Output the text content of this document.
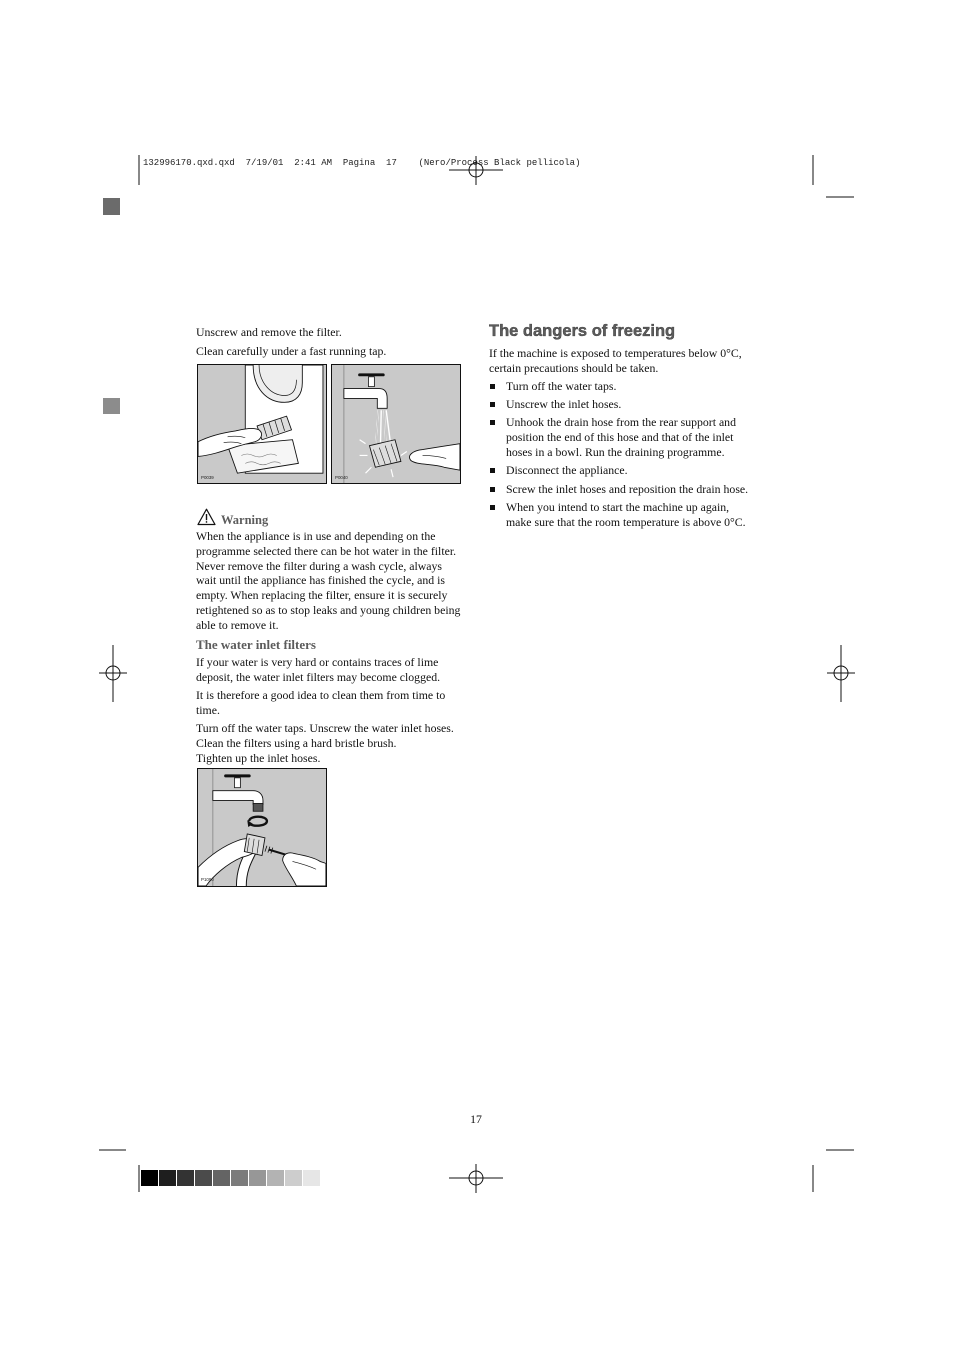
132996170.qxd.qxd  7/19/01  2:41 AM  Pagina  17    (Nero/Process Black pellicola)
Unscrew and remove the filter.
Clean carefully under a fast running tap.
P0039	P0040
Warning
When the appliance is in use and depending on the
programme selected there can be hot water in the filter.
Never remove the filter during a wash cycle, always
wait until the appliance has finished the cycle, and is
empty. When replacing the filter, ensure it is securely
retightened so as to stop leaks and young children being
able to remove it.
The water inlet filters
If your water is very hard or contains traces of lime
deposit, the water inlet filters may become clogged.
It is therefore a good idea to clean them from time to
time.
Turn off the water taps. Unscrew the water inlet hoses.
Clean the filters using a hard bristle brush.
Tighten up the inlet hoses.
P1090
The dangers of freezing
If the machine is exposed to temperatures below 0°C,
certain precautions should be taken.
Turn off the water taps.
Unscrew the inlet hoses.
Unhook the drain hose from the rear support and
position the end of this hose and that of the inlet
hoses in a bowl. Run the draining programme.
Disconnect the appliance.
Screw the inlet hoses and reposition the drain hose.
When you intend to start the machine up again,
make sure that the room temperature is above 0°C.
17
